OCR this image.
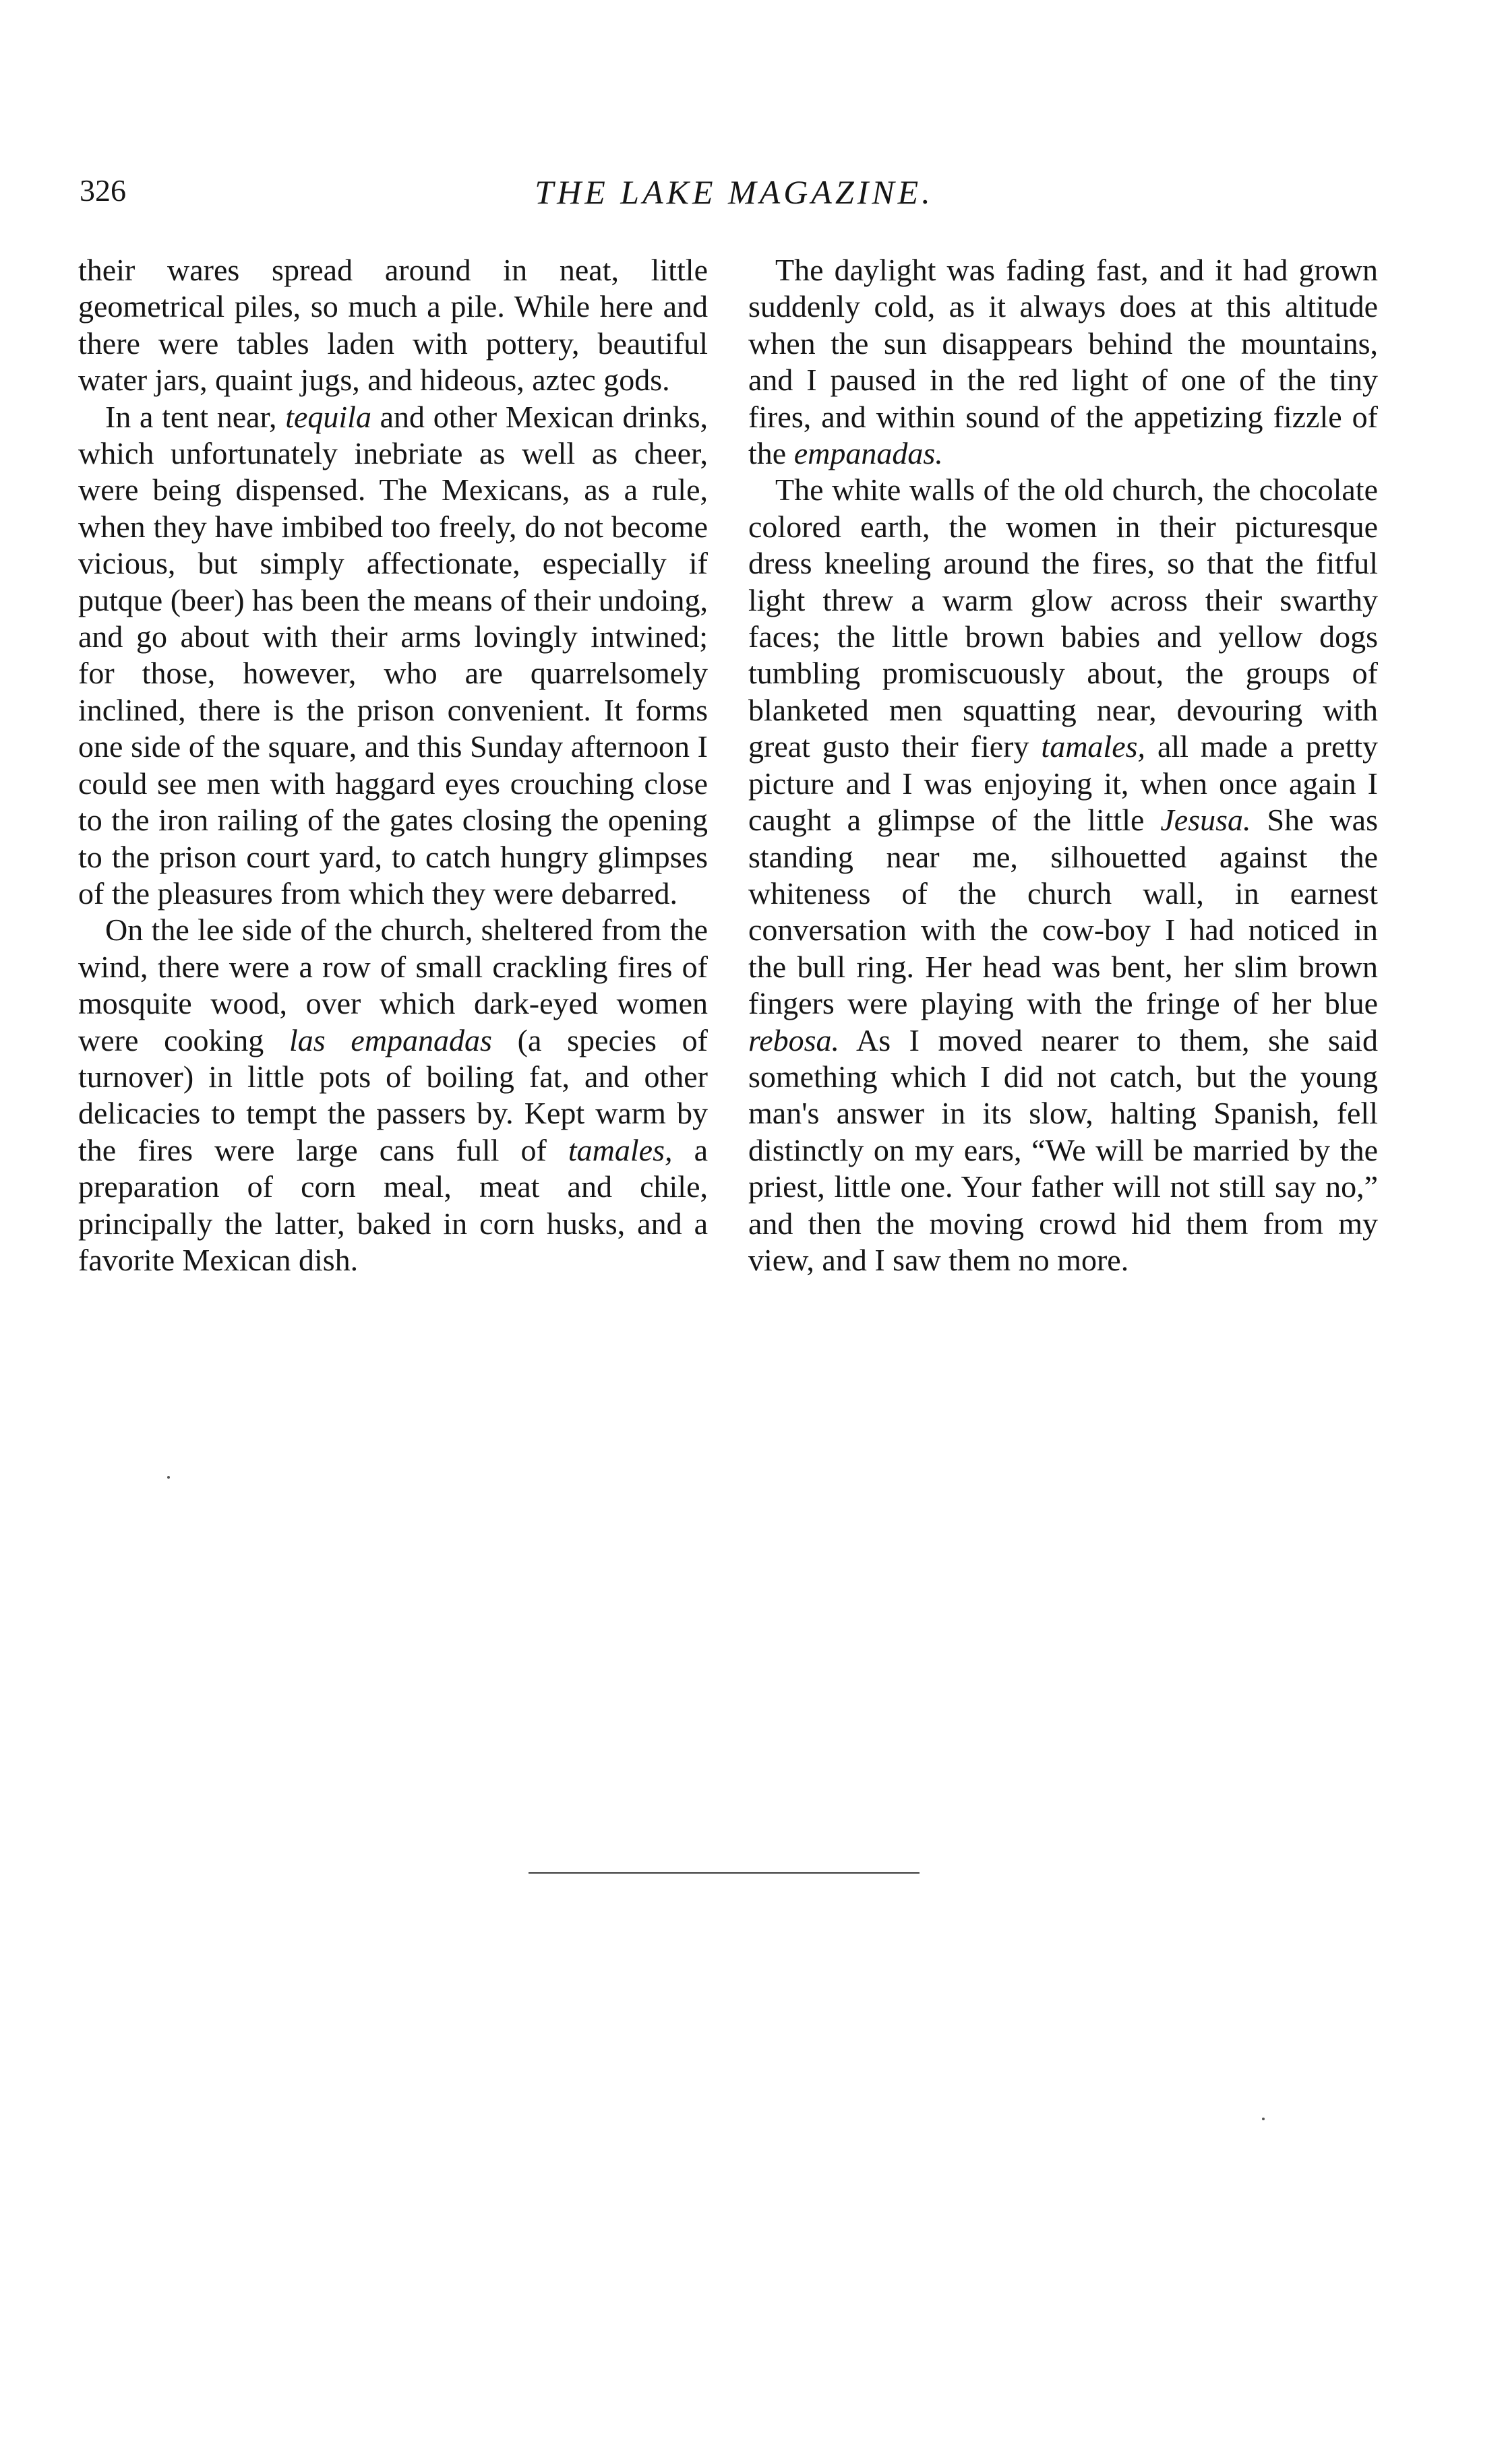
326	THE LAKE MAGAZINE.

their wares spread around in neat, little geometrical piles, so much a pile. While here and there were tables laden with pottery, beautiful water jars, quaint jugs, and hideous, aztec gods.

In a tent near, tequila and other Mexican drinks, which unfortunately inebriate as well as cheer, were being dispensed. The Mexicans, as a rule, when they have imbibed too freely, do not become vicious, but simply affectionate, especially if putque (beer) has been the means of their undoing, and go about with their arms lovingly intwined; for those, however, who are quarrelsomely inclined, there is the prison convenient. It forms one side of the square, and this Sunday afternoon I could see men with haggard eyes crouching close to the iron railing of the gates closing the opening to the prison court yard, to catch hungry glimpses of the pleasures from which they were debarred.

On the lee side of the church, sheltered from the wind, there were a row of small crackling fires of mosquite wood, over which dark-eyed women were cooking las empanadas (a species of turnover) in little pots of boiling fat, and other delicacies to tempt the passers by. Kept warm by the fires were large cans full of tamales, a preparation of corn meal, meat and chile, principally the latter, baked in corn husks, and a favorite Mexican dish.

The daylight was fading fast, and it had grown suddenly cold, as it always does at this altitude when the sun disappears behind the mountains, and I paused in the red light of one of the tiny fires, and within sound of the appetizing fizzle of the empanadas.

The white walls of the old church, the chocolate colored earth, the women in their picturesque dress kneeling around the fires, so that the fitful light threw a warm glow across their swarthy faces; the little brown babies and yellow dogs tumbling promiscuously about, the groups of blanketed men squatting near, devouring with great gusto their fiery tamales, all made a pretty picture and I was enjoying it, when once again I caught a glimpse of the little Jesusa. She was standing near me, silhouetted against the whiteness of the church wall, in earnest conversation with the cow-boy I had noticed in the bull ring. Her head was bent, her slim brown fingers were playing with the fringe of her blue rebosa. As I moved nearer to them, she said something which I did not catch, but the young man's answer in its slow, halting Spanish, fell distinctly on my ears, “We will be married by the priest, little one. Your father will not still say no,” and then the moving crowd hid them from my view, and I saw them no more.
